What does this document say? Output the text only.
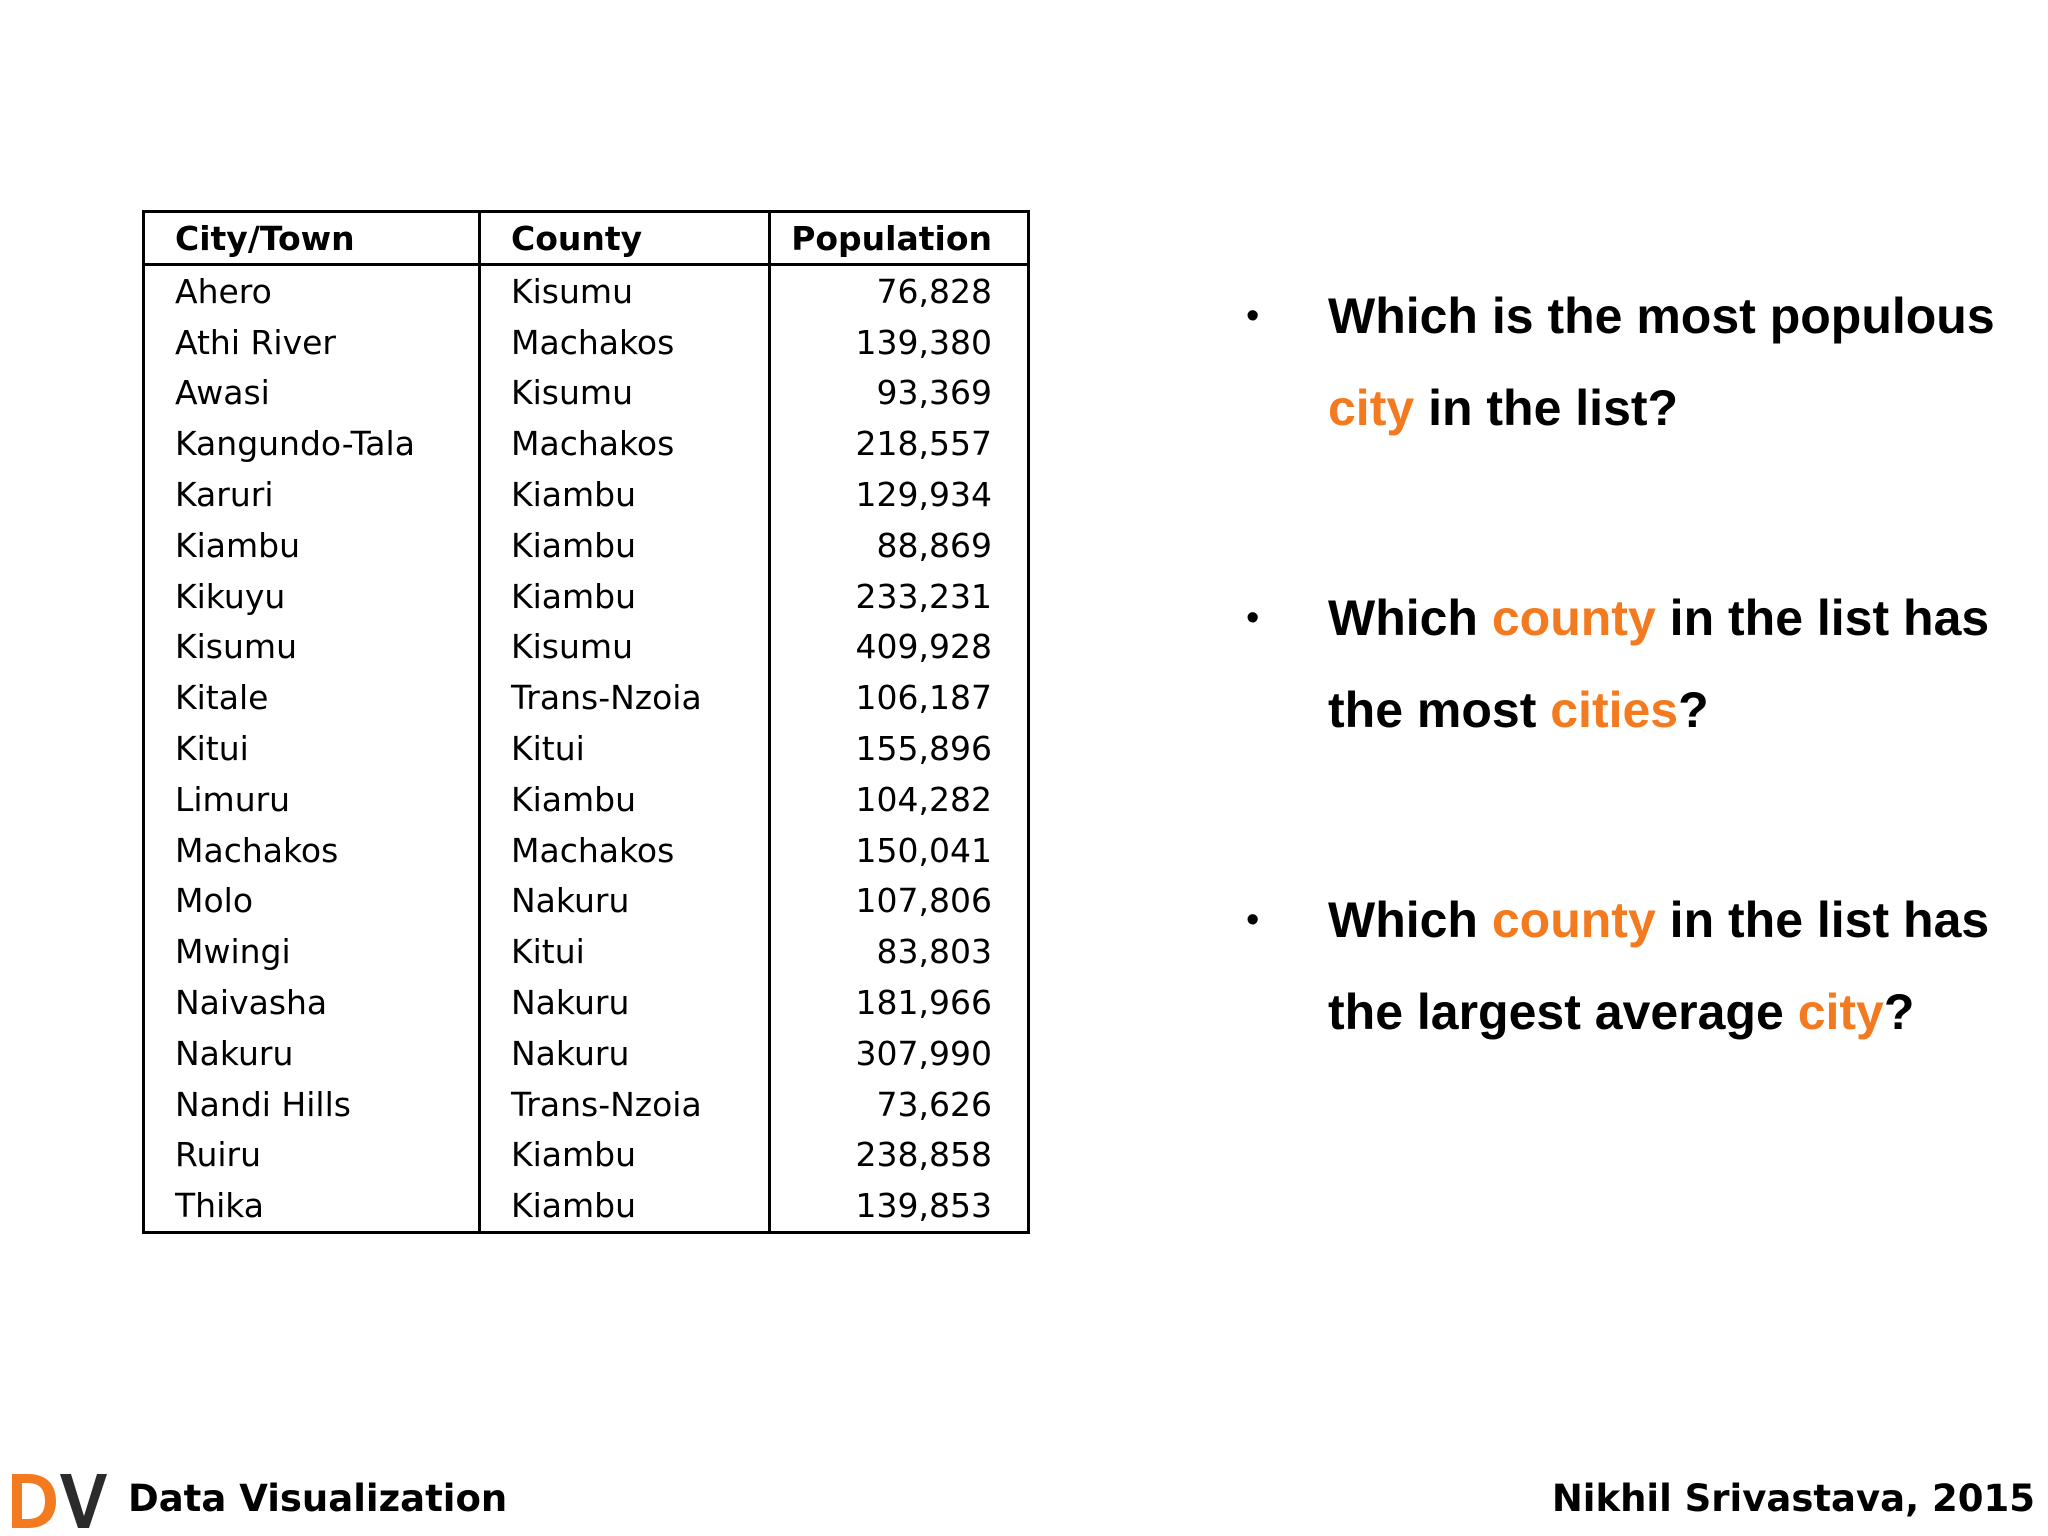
City/Town	County	Population
Ahero	Kisumu	76,828
Athi River	Machakos	139,380
Awasi	Kisumu	93,369
Kangundo-Tala	Machakos	218,557
Karuri	Kiambu	129,934
Kiambu	Kiambu	88,869
Kikuyu	Kiambu	233,231
Kisumu	Kisumu	409,928
Kitale	Trans-Nzoia	106,187
Kitui	Kitui	155,896
Limuru	Kiambu	104,282
Machakos	Machakos	150,041
Molo	Nakuru	107,806
Mwingi	Kitui	83,803
Naivasha	Nakuru	181,966
Nakuru	Nakuru	307,990
Nandi Hills	Trans-Nzoia	73,626
Ruiru	Kiambu	238,858
Thika	Kiambu	139,853
• Which is the most populous city in the list?
• Which county in the list has the most cities?
• Which county in the list has the largest average city?
Data Visualization	Nikhil Srivastava, 2015
